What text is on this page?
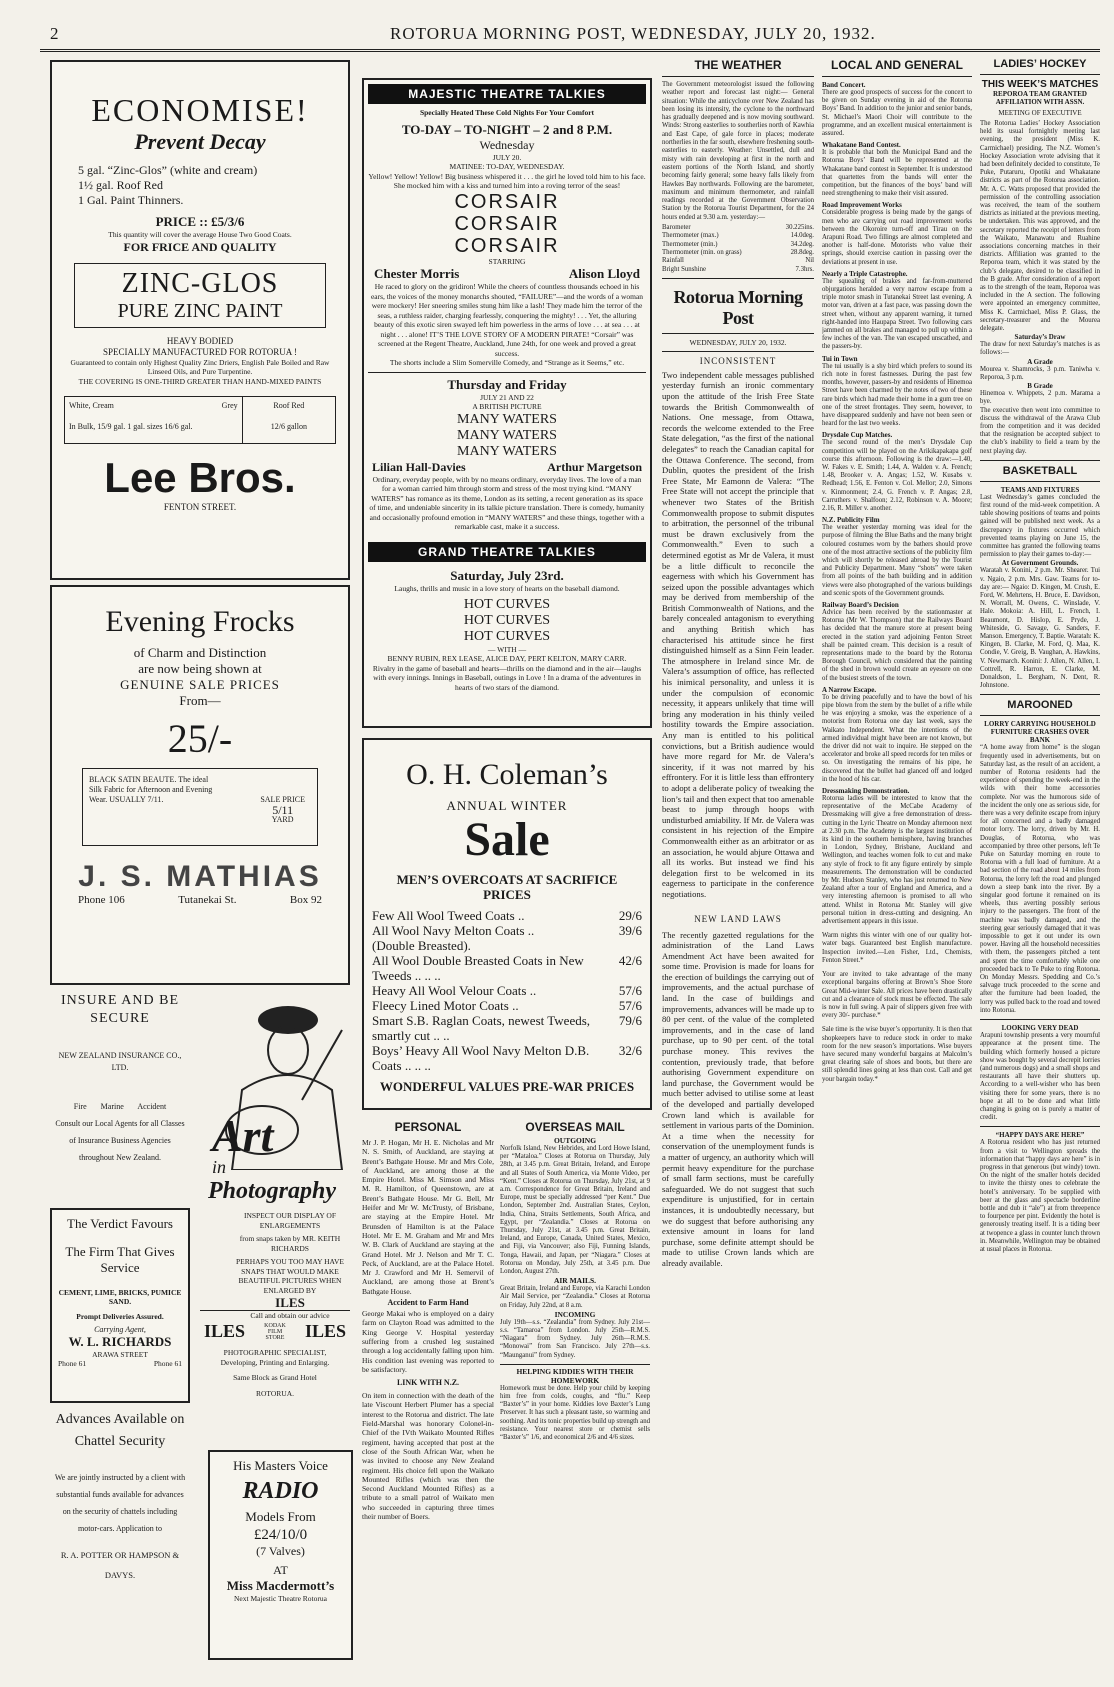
2	ROTORUA MORNING POST, WEDNESDAY, JULY 20, 1932.
ECONOMISE!
Prevent Decay
5 gal. “Zinc-Glos” (white and cream)
1½ gal. Roof Red
1 Gal. Paint Thinners.
PRICE :: £5/3/6
This quantity will cover the average House Two Good Coats.
FOR FRICE AND QUALITY
ZINC-GLOS
PURE ZINC PAINT
HEAVY BODIED
SPECIALLY MANUFACTURED FOR ROTORUA !
Guaranteed to contain only Highest Quality Zinc Driers, English Pale Boiled and Raw Linseed Oils, and Pure Turpentine.
THE COVERING IS ONE-THIRD GREATER THAN HAND-MIXED PAINTS
White, Cream	Grey
In Bulk, 15/9 gal. 1 gal. sizes 16/6 gal.
Roof Red
12/6 gallon
Lee Bros.
FENTON STREET.
Evening Frocks
of Charm and Distinction
are now being shown at
GENUINE SALE PRICES
From—
25/-
BLACK SATIN BEAUTE. The ideal Silk Fabric for Afternoon and Evening Wear. USUALLY 7/11.	SALE PRICE
5/11
YARD
J. S. MATHIAS
Phone 106	Tutanekai St.	Box 92
INSURE AND BE SECURE
NEW ZEALAND INSURANCE CO., LTD.
Fire       Marine       Accident
Consult our Local Agents for all Classes of Insurance Business Agencies throughout New Zealand.
The Verdict Favours
The Firm That Gives Service
CEMENT, LIME, BRICKS, PUMICE SAND.
Prompt Deliveries Assured.
Carrying Agent,
W. L. RICHARDS
ARAWA STREET
Phone 61	Phone 61
Advances Available on Chattel Security
We are jointly instructed by a client with substantial funds available for advances on the security of chattels including motor-cars. Application to
R. A. POTTER OR HAMPSON & DAVYS.
Art
in
Photography
INSPECT OUR DISPLAY OF ENLARGEMENTS
from snaps taken by MR. KEITH RICHARDS
PERHAPS YOU TOO MAY HAVE SNAPS THAT WOULD MAKE BEAUTIFUL PICTURES WHEN ENLARGED BY
ILES
Call and obtain our advice
ILES	KODAK FILM STORE	ILES
PHOTOGRAPHIC SPECIALIST,
Developing, Printing and Enlarging.
Same Block as Grand Hotel
ROTORUA.
His Masters Voice
RADIO
Models From
£24/10/0
(7 Valves)
AT
Miss Macdermott’s
Next Majestic Theatre Rotorua
MAJESTIC THEATRE TALKIES
Specially Heated These Cold Nights For Your Comfort
TO-DAY – TO-NIGHT – 2 and 8 P.M.
Wednesday
JULY 20.
MATINEE: TO-DAY, WEDNESDAY.
Yellow! Yellow! Yellow! Big business whispered it . . . the girl he loved told him to his face. She mocked him with a kiss and turned him into a roving terror of the seas!
CORSAIR
CORSAIR
CORSAIR
STARRING
Chester Morris	Alison Lloyd
He raced to glory on the gridiron! While the cheers of countless thousands echoed in his ears, the voices of the money monarchs shouted, “FAILURE”—and the words of a woman were mockery! Her sneering smiles stung him like a lash! They made him the terror of the seas, a ruthless raider, charging fearlessly, conquering the mighty! . . . Yet, the alluring beauty of this exotic siren swayed left him powerless in the arms of love . . . at sea . . . at night . . . alone! IT’S THE LOVE STORY OF A MODERN PIRATE! “Corsair” was screened at the Regent Theatre, Auckland, June 24th, for one week and proved a great success.
The shorts include a Slim Somerville Comedy, and “Strange as it Seems,” etc.
Thursday and Friday
JULY 21 AND 22
A BRITISH PICTURE
MANY WATERS
MANY WATERS
MANY WATERS
Lilian Hall-Davies	Arthur Margetson
Ordinary, everyday people, with by no means ordinary, everyday lives. The love of a man for a woman carried him through storm and stress of the most trying kind. “MANY WATERS” has romance as its theme, London as its setting, a recent generation as its space of time, and undeniable sincerity in its talkie picture translation. There is comedy, humanity and occasionally profound emotion in “MANY WATERS” and these things, together with a remarkable cast, make it a success.
GRAND THEATRE TALKIES
Saturday, July 23rd.
Laughs, thrills and music in a love story of hearts on the baseball diamond.
HOT CURVES
HOT CURVES
HOT CURVES
— WITH —
BENNY RUBIN, REX LEASE, ALICE DAY, PERT KELTON, MARY CARR.
Rivalry in the game of baseball and hearts—thrills on the diamond and in the air—laughs with every innings. Innings in Baseball, outings in Love ! In a drama of the adventures in hearts of two stars of the diamond.
O. H. Coleman’s
ANNUAL WINTER
Sale
MEN’S OVERCOATS AT SACRIFICE PRICES
Few All Wool Tweed Coats ..	29/6
All Wool Navy Melton Coats ..	39/6
(Double Breasted).
All Wool Double Breasted Coats in New Tweeds .. .. ..
42/6
Heavy All Wool Velour Coats ..	57/6
Fleecy Lined Motor Coats ..	57/6
Smart S.B. Raglan Coats, newest Tweeds, smartly cut .. ..
79/6
Boys’ Heavy All Wool Navy Melton D.B. Coats .. .. ..
32/6
WONDERFUL VALUES PRE-WAR PRICES
PERSONAL
Mr J. P. Hogan, Mr H. E. Nicholas and Mr N. S. Smith, of Auckland, are staying at Brent’s Bathgate House. Mr and Mrs Cole, of Auckland, are among those at the Empire Hotel. Miss M. Simson and Miss M. R. Hamilton, of Queenstown, are at Brent’s Bathgate House. Mr G. Bell, Mr Heifer and Mr W. McTrusty, of Brisbane, are staying at the Empire Hotel. Mr Brunsden of Hamilton is at the Palace Hotel. Mr E. M. Graham and Mr and Mrs W. B. Clark of Auckland are staying at the Grand Hotel. Mr J. Nelson and Mr T. C. Peck, of Auckland, are at the Palace Hotel. Mr J. Crawford and Mr H. Semervil of Auckland, are among those at Brent’s Bathgate House.
Accident to Farm Hand
George Makai who is employed on a dairy farm on Clayton Road was admitted to the King George V. Hospital yesterday suffering from a crushed leg sustained through a log accidentally falling upon him. His condition last evening was reported to be satisfactory.
LINK WITH N.Z.
On item in connection with the death of the late Viscount Herbert Plumer has a special interest to the Rotorua and district. The late Field-Marshal was honorary Colonel-in-Chief of the IVth Waikato Mounted Rifles regiment, having accepted that post at the close of the South African War, when he was invited to choose any New Zealand regiment. His choice fell upon the Waikato Mounted Rifles (which was then the Second Auckland Mounted Rifles) as a tribute to a small patrol of Waikato men who succeeded in capturing three times their number of Boers.
OVERSEAS MAIL
OUTGOING
Norfolk Island, New Hebrides, and Lord Howe Island, per “Mataloa.” Closes at Rotorua on Thursday, July 28th, at 3.45 p.m. Great Britain, Ireland, and Europe and all States of South America, via Monte Video, per “Kent.” Closes at Rotorua on Thursday, July 21st, at 9 a.m. Correspondence for Great Britain, Ireland and Europe, must be specially addressed “per Kent.” Due London, September 2nd. Australian States, Ceylon, India, China, Straits Settlements, South Africa, and Egypt, per “Zealandia.” Closes at Rotorua on Thursday, July 21st, at 3.45 p.m. Great Britain, Ireland, and Europe, Canada, United States, Mexico, and Fiji, via Vancouver; also Fiji, Funning Islands, Tonga, Hawaii, and Japan, per “Niagara.” Closes at Rotorua on Monday, July 25th, at 3.45 p.m. Due London, August 27th.
AIR MAILS.
Great Britain, Ireland and Europe, via Karachi London Air Mail Service, per “Zealandia.” Closes at Rotorua on Friday, July 22nd, at 8 a.m.
INCOMING
July 19th—s.s. “Zealandia” from Sydney. July 21st—s.s. “Tamaroa” from London. July 25th—R.M.S. “Niagara” from Sydney. July 26th—R.M.S. “Monowai” from San Francisco. July 27th—s.s. “Maunganui” from Sydney.
HELPING KIDDIES WITH THEIR HOMEWORK
Homework must be done. Help your child by keeping him free from colds, coughs, and “flu.” Keep “Baxter’s” in your home. Kiddies love Baxter’s Lung Preserver. It has such a pleasant taste, so warming and soothing. And its tonic properties build up strength and resistance. Your nearest store or chemist sells “Baxter’s” 1/6, and economical 2/6 and 4/6 sizes.
THE WEATHER
The Government meteorologist issued the following weather report and forecast last night:— General situation: While the anticyclone over New Zealand has been losing its intensity, the cyclone to the northward has gradually deepened and is now moving southward. Winds: Strong easterlies to southerlies north of Kawhia and East Cape, of gale force in places; moderate northerlies in the far south, elsewhere freshening south-easterlies to easterly. Weather: Unsettled, dull and misty with rain developing at first in the north and eastern portions of the North Island, and shortly becoming fairly general; some heavy falls likely from Hawkes Bay northwards. Following are the barometer, maximum and minimum thermometer, and rainfall readings recorded at the Government Observation Station by the Rotorua Tourist Department, for the 24 hours ended at 9.30 a.m. yesterday:—
Barometer	30.225ins.
Thermometer (max.)	14.0deg.
Thermometer (min.)	34.2deg.
Thermometer (min. on grass)	28.8deg.
Rainfall	Nil
Bright Sunshine	7.3hrs.
Rotorua Morning Post
WEDNESDAY, JULY 20, 1932.
INCONSISTENT
Two independent cable messages published yesterday furnish an ironic commentary upon the attitude of the Irish Free State towards the British Commonwealth of Nations. One message, from Ottawa, records the welcome extended to the Free State delegation, “as the first of the national delegates” to reach the Canadian capital for the Ottawa Conference. The second, from Dublin, quotes the president of the Irish Free State, Mr Eamonn de Valera: “The Free State will not accept the principle that whenever two States of the British Commonwealth propose to submit disputes to arbitration, the personnel of the tribunal must be drawn exclusively from the Commonwealth.” Even to such a determined egotist as Mr de Valera, it must be a little difficult to reconcile the eagerness with which his Government has seized upon the possible advantages which may be derived from membership of the British Commonwealth of Nations, and the barely concealed antagonism to everything and anything British which has characterised his attitude since he first distinguished himself as a Sinn Fein leader. The atmosphere in Ireland since Mr. de Valera’s assumption of office, has reflected his inimical personality, and unless it is under the compulsion of economic necessity, it appears unlikely that time will bring any moderation in his thinly veiled hostility towards the Empire association. Any man is entitled to his political convictions, but a British audience would have more regard for Mr. de Valera’s sincerity, if it was not marred by his effrontery. For it is little less than effrontery to adopt a deliberate policy of tweaking the lion’s tail and then expect that too amenable beast to jump through hoops with undisturbed amiability. If Mr. de Valera was consistent in his rejection of the Empire Commonwealth either as an arbitrator or as an association, he would abjure Ottawa and all its works. But instead we find his delegation first to be welcomed in its eagerness to participate in the conference negotiations.
NEW LAND LAWS
The recently gazetted regulations for the administration of the Land Laws Amendment Act have been awaited for some time. Provision is made for loans for the erection of buildings the carrying out of improvements, and the actual purchase of land. In the case of buildings and improvements, advances will be made up to 80 per cent. of the value of the completed improvements, and in the case of land purchase, up to 90 per cent. of the total purchase money. This revives the contention, previously trade, that before authorising Government expenditure on land purchase, the Government would be much better advised to utilise some at least of the developed and partially developed Crown land which is available for settlement in various parts of the Dominion. At a time when the necessity for conservation of the unemployment funds is a matter of urgency, an authority which will permit heavy expenditure for the purchase of small farm sections, must be carefully safeguarded. We do not suggest that such expenditure is unjustified, for in certain instances, it is undoubtedly necessary, but we do suggest that before authorising any extensive amount in loans for land purchase, some definite attempt should be made to utilise Crown lands which are already available.
LOCAL AND GENERAL
Band Concert.
There are good prospects of success for the concert to be given on Sunday evening in aid of the Rotorua Boys’ Band. In addition to the junior and senior bands, St. Michael’s Maori Choir will contribute to the programme, and an excellent musical entertainment is assured.
Whakatane Band Contest.
It is probable that both the Municipal Band and the Rotorua Boys’ Band will be represented at the Whakatane band contest in September. It is understood that quartettes from the bands will enter the competition, but the finances of the boys’ band will need strengthening to make their visit assured.
Road Improvement Works
Considerable progress is being made by the gangs of men who are carrying out road improvement works between the Okoroire turn-off and Tirau on the Arapuni Road. Two fillings are almost completed and another is half-done. Motorists who value their springs, should exercise caution in passing over the deviations at present in use.
Nearly a Triple Catastrophe.
The squealing of brakes and far-from-muttered objurgations heralded a very narrow escape from a triple motor smash in Tutanekai Street last evening. A motor van, driven at a fast pace, was passing down the street when, without any apparent warning, it turned right-handed into Haupapa Street. Two following cars jammed on all brakes and managed to pull up within a few inches of the van. The van escaped unscathed, and the passers-by.
Tui in Town
The tui usually is a shy bird which prefers to sound its rich note in forest fastnesses. During the past few months, however, passers-by and residents of Hinemoa Street have been charmed by the notes of two of these rare birds which had made their home in a gum tree on one of the street frontages. They seem, however, to have disappeared suddenly and have not been seen or heard for the last two weeks.
Drysdale Cup Matches.
The second round of the men’s Drysdale Cup competition will be played on the Arikikapakapa golf course this afternoon. Following is the draw:—1.40, W. Fakes v. E. Smith; 1.44, A. Walden v. A. French; 1.48, Brooker v. A. Angas; 1.52, W. Kusabs v. Redhead; 1.56, E. Fenton v. Col. Mellor; 2.0, Simons v. Kinmonment; 2.4, G. French v. P. Angas; 2.8, Carruthers v. Shalfoon; 2.12, Robinson v. A. Moore; 2.16, R. Miller v. another.
N.Z. Publicity Film
The weather yesterday morning was ideal for the purpose of filming the Blue Baths and the many bright coloured costumes worn by the bathers should prove one of the most attractive sections of the publicity film which will shortly be released abroad by the Tourist and Publicity Department. Many “shots” were taken from all points of the bath building and in addition views were also photographed of the various buildings and scenic spots of the Government grounds.
Railway Board’s Decision
Advice has been received by the stationmaster at Rotorua (Mr W. Thompson) that the Railways Board has decided that the manure store at present being erected in the station yard adjoining Fenton Street shall be painted cream. This decision is a result of representations made to the board by the Rotorua Borough Council, which considered that the painting of the shed in brown would create an eyesore on one of the busiest streets of the town.
A Narrow Escape.
To be driving peacefully and to have the bowl of his pipe blown from the stem by the bullet of a rifle while he was enjoying a smoke, was the experience of a motorist from Rotorua one day last week, says the Waikato Independent. What the intentions of the armed individual might have been are not known, but the driver did not wait to inquire. He stepped on the accelerator and broke all speed records for ten miles or so. On investigating the remains of his pipe, he discovered that the bullet had glanced off and lodged in the hood of his car.
Dressmaking Demonstration.
Rotorua ladies will be interested to know that the representative of the McCabe Academy of Dressmaking will give a free demonstration of dress-cutting in the Lyric Theatre on Monday afternoon next at 2.30 p.m. The Academy is the largest institution of its kind in the southern hemisphere, having branches in London, Sydney, Brisbane, Auckland and Wellington, and teaches women folk to cut and make any style of frock to fit any figure entirely by simple measurements. The demonstration will be conducted by Mr. Hudson Stanley, who has just returned to New Zealand after a tour of England and America, and a very interesting afternoon is promised to all who attend. Whilst in Rotorua Mr. Stanley will give personal tuition in dress-cutting and designing. An advertisement appears in this issue.
Warm nights this winter with one of our quality hot-water bags. Guaranteed best English manufacture. Inspection invited.—Len Fisher, Ltd., Chemists, Fenton Street.*
Your are invited to take advantage of the many exceptional bargains offering at Brown’s Shoe Store Great Mid-winter Sale. All prices have been drastically cut and a clearance of stock must be effected. The sale is now in full swing. A pair of slippers given free with every 30/- purchase.*
Sale time is the wise buyer’s opportunity. It is then that shopkeepers have to reduce stock in order to make room for the new season’s importations. Wise buyers have secured many wonderful bargains at Malcolm’s great clearing sale of shoes and boots, but there are still splendid lines going at less than cost. Call and get your bargain today.*
LADIES’ HOCKEY
THIS WEEK’S MATCHES
REPOROA TEAM GRANTED AFFILIATION WITH ASSN.
MEETING OF EXECUTIVE
The Rotorua Ladies’ Hockey Association held its usual fortnightly meeting last evening, the president (Miss K. Carmichael) presiding. The N.Z. Women’s Hockey Association wrote advising that it had been definitely decided to constitute, Te Puke, Putaruru, Opotiki and Whakatane districts as part of the Rotorua association. Mr. A. C. Watts proposed that provided the permission of the controlling association was received, the team of the southern districts as initiated at the previous meeting, be undertaken. This was approved, and the secretary reported the receipt of letters from the Waikato, Manawatu and Ruahine associations concerning matches in their districts. Affiliation was granted to the Reporoa team, which it was stated by the club’s delegate, desired to be classified in the B grade. After consideration of a report as to the strength of the team, Reporoa was included in the A section. The following were appointed an emergency committee, Miss K. Carmichael, Miss P. Glass, the secretary-treasurer and the Mourea delegate.
Saturday’s Draw
The draw for next Saturday’s matches is as follows:—
A Grade
Mourea v. Shamrocks, 3 p.m. Taniwha v. Reporoa, 3 p.m.
B Grade
Hinemoa v. Whippets, 2 p.m. Marama a bye.
The executive then went into committee to discuss the withdrawal of the Arawa Club from the competition and it was decided that the resignation be accepted subject to the club’s inability to field a team by the next playing day.
BASKETBALL
TEAMS AND FIXTURES
Last Wednesday’s games concluded the first round of the mid-week competition. A table showing positions of teams and points gained will be published next week. As a discrepancy in fixtures occurred which prevented teams playing on June 15, the committee has granted the following teams permission to play their games to-day:—
At Government Grounds.
Waratah v. Konini, 2 p.m. Mr. Shearer. Tui v. Ngaio, 2 p.m. Mrs. Gaw. Teams for to-day are:— Ngaio: D. Kingen, M. Crush, E. Ford, W. Mehrtens, H. Bruce, E. Davidson, N. Worrall, M. Owens, C. Winslade, V. Hale. Mokoia: A. Hill, L. French, I. Beaumont, D. Hislop, E. Pryde, J. Whiteside, G. Savage, G. Sanders, F. Manson. Emergency, T. Baptie. Waratah: K. Kingen, B. Clarke, M. Ford, Q. Maa, K. Condie, V. Greig, B. Vaughan, A. Hawkins, V. Newmarch. Konini: J. Allen, N. Allen, I. Cottrell, R. Harron, E. Clarke, M. Donaldson, L. Bergham, N. Dent, R. Johnstone.
MAROONED
LORRY CARRYING HOUSEHOLD FURNITURE CRASHES OVER BANK
“A home away from home” is the slogan frequently used in advertisements, but on Saturday last, as the result of an accident, a number of Rotorua residents had the experience of spending the week-end in the wilds with their home accessories complete. Nor was the humorous side of the incident the only one as serious side, for there was a very definite escape from injury for all concerned and a badly damaged motor lorry. The lorry, driven by Mr. H. Douglas, of Rotorua, who was accompanied by three other persons, left Te Puke on Saturday morning en route to Rotorua with a full load of furniture. At a bad section of the road about 14 miles from Rotorua, the lorry left the road and plunged down a steep bank into the river. By a singular good fortune it remained on its wheels, thus averting possibly serious injury to the passengers. The front of the machine was badly damaged, and the steering gear seriously damaged that it was impossible to get it out under its own power. Having all the household necessities with them, the passengers pitched a tent and spent the time comfortably while one proceeded back to Te Puke to ring Rotorua. On Monday Messrs. Spedding and Co.’s salvage truck proceeded to the scene and after the furniture had been loaded, the lorry was pulled back to the road and towed into Rotorua.
LOOKING VERY DEAD
Arapuni township presents a very mournful appearance at the present time. The building which formerly housed a picture show was bought by several decrepit lorries (and numerous dogs) and a small shops and restaurants all have their shutters up. According to a well-wisher who has been visiting there for some years, there is no hope at all to be done and what little changing is going on is purely a matter of credit.
“HAPPY DAYS ARE HERE”
A Rotorua resident who has just returned from a visit to Wellington spreads the information that “happy days are here” is in progress in that generous (but windy) town. On the night of the smaller hotels decided to invite the thirsty ones to celebrate the hotel’s anniversary. To be supplied with beer at the glass and spectacle borderline bottle and dub it “ale”) at from threepence to fourpence per pint. Evidently the hotel is generously treating itself. It is a tiding beer at twopence a glass in counter lunch thrown in. Meanwhile, Wellington may be obtained at usual places in Rotorua.
